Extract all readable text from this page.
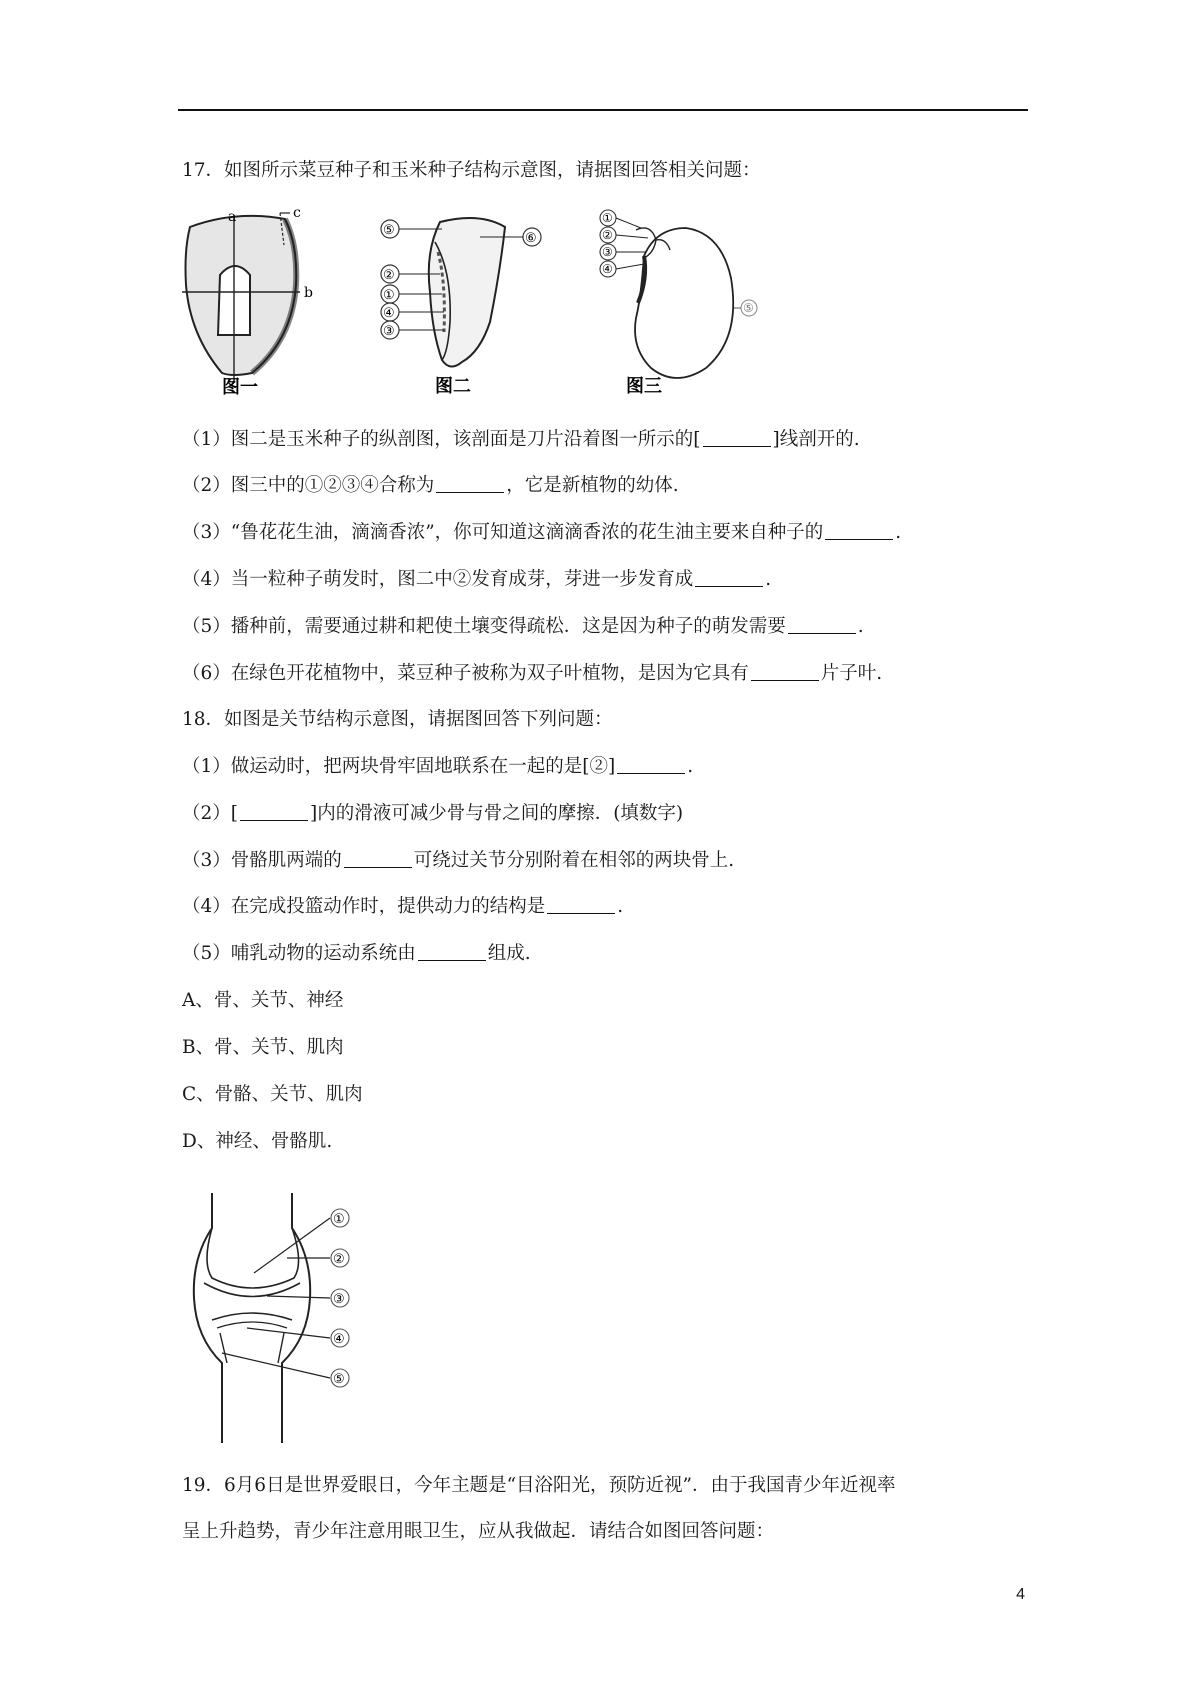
17．如图所示菜豆种子和玉米种子结构示意图，请据图回答相关问题：
a
b
c
图一
⑤
⑥
②
①
④
③
图二
①
②
③
④
⑤
图三
（1）图二是玉米种子的纵剖图，该剖面是刀片沿着图一所示的[	]线剖开的.
（2）图三中的①②③④合称为	，它是新植物的幼体.
（3）“鲁花花生油，滴滴香浓”，你可知道这滴滴香浓的花生油主要来自种子的	.
（4）当一粒种子萌发时，图二中②发育成芽，芽进一步发育成	.
（5）播种前，需要通过耕和耙使土壤变得疏松．这是因为种子的萌发需要	.
（6）在绿色开花植物中，菜豆种子被称为双子叶植物，是因为它具有	片子叶.
18．如图是关节结构示意图，请据图回答下列问题：
（1）做运动时，把两块骨牢固地联系在一起的是[②]	.
（2）[	]内的滑液可减少骨与骨之间的摩擦．(填数字)
（3）骨骼肌两端的	可绕过关节分别附着在相邻的两块骨上.
（4）在完成投篮动作时，提供动力的结构是	.
（5）哺乳动物的运动系统由	组成.
A、骨、关节、神经
B、骨、关节、肌肉
C、骨骼、关节、肌肉
D、神经、骨骼肌.
①
②
③
④
⑤
19．6月6日是世界爱眼日，今年主题是“目浴阳光，预防近视”．由于我国青少年近视率
呈上升趋势，青少年注意用眼卫生，应从我做起．请结合如图回答问题：
4
